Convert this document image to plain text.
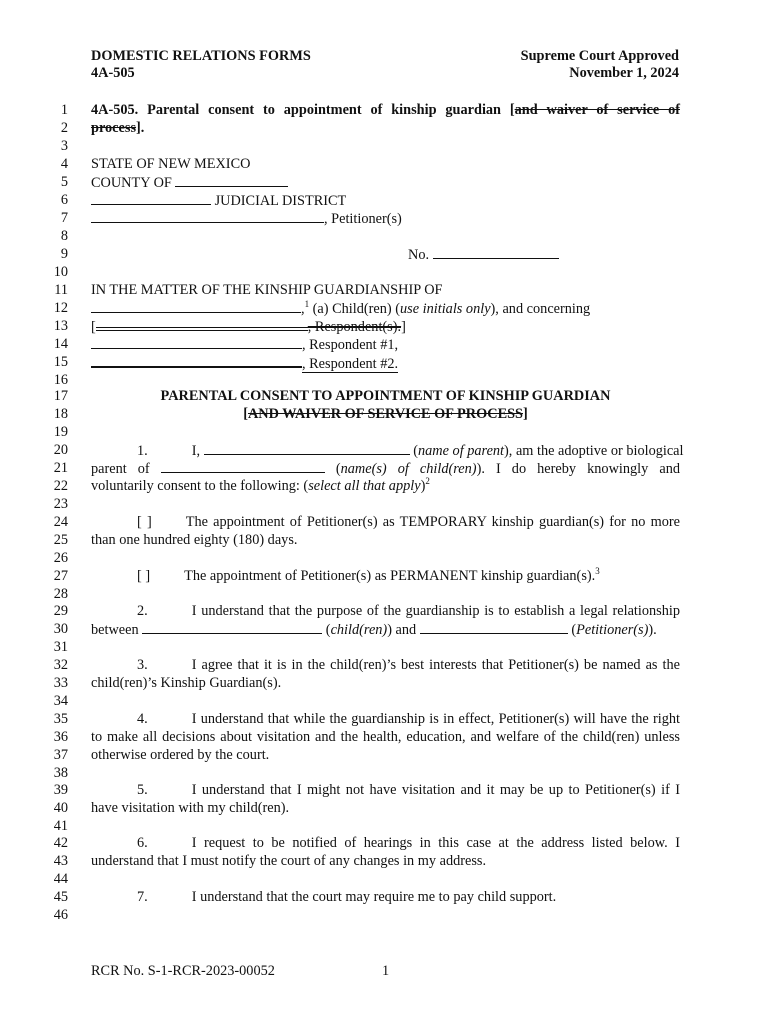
DOMESTIC RELATIONS FORMS
4A-505
Supreme Court Approved
November 1, 2024
1
2
3
4
5
6
7
8
9
10
11
12
13
14
15
16
17
18
19
20
21
22
23
24
25
26
27
28
29
30
31
32
33
34
35
36
37
38
39
40
41
42
43
44
45
46
4A-505. Parental consent to appointment of kinship guardian [and waiver of service of
process].
STATE OF NEW MEXICO
COUNTY OF
JUDICIAL DISTRICT
, Petitioner(s)
No.
IN THE MATTER OF THE KINSHIP GUARDIANSHIP OF
,$^1$ (a) Child(ren) (use initials only), and concerning
[	, Respondent(s).]
, Respondent #1,
, Respondent #2.
PARENTAL CONSENT TO APPOINTMENT OF KINSHIP GUARDIAN
[AND WAIVER OF SERVICE OF PROCESS]
1.	I,	(name of parent), am the adoptive or biological
parent of	(name(s) of child(ren)). I do hereby knowingly and
voluntarily consent to the following: (select all that apply)$^2$
[ ] The appointment of Petitioner(s) as TEMPORARY kinship guardian(s) for no more
than one hundred eighty (180) days.
[ ] The appointment of Petitioner(s) as PERMANENT kinship guardian(s).$^3$
2.	I understand that the purpose of the guardianship is to establish a legal relationship
between	(child(ren)) and	(Petitioner(s)).
3.	I agree that it is in the child(ren)’s best interests that Petitioner(s) be named as the
child(ren)’s Kinship Guardian(s).
4.	I understand that while the guardianship is in effect, Petitioner(s) will have the right
to make all decisions about visitation and the health, education, and welfare of the child(ren) unless
otherwise ordered by the court.
5.	I understand that I might not have visitation and it may be up to Petitioner(s) if I
have visitation with my child(ren).
6.	I request to be notified of hearings in this case at the address listed below. I
understand that I must notify the court of any changes in my address.
7.	I understand that the court may require me to pay child support.
RCR No. S-1-RCR-2023-00052	1
